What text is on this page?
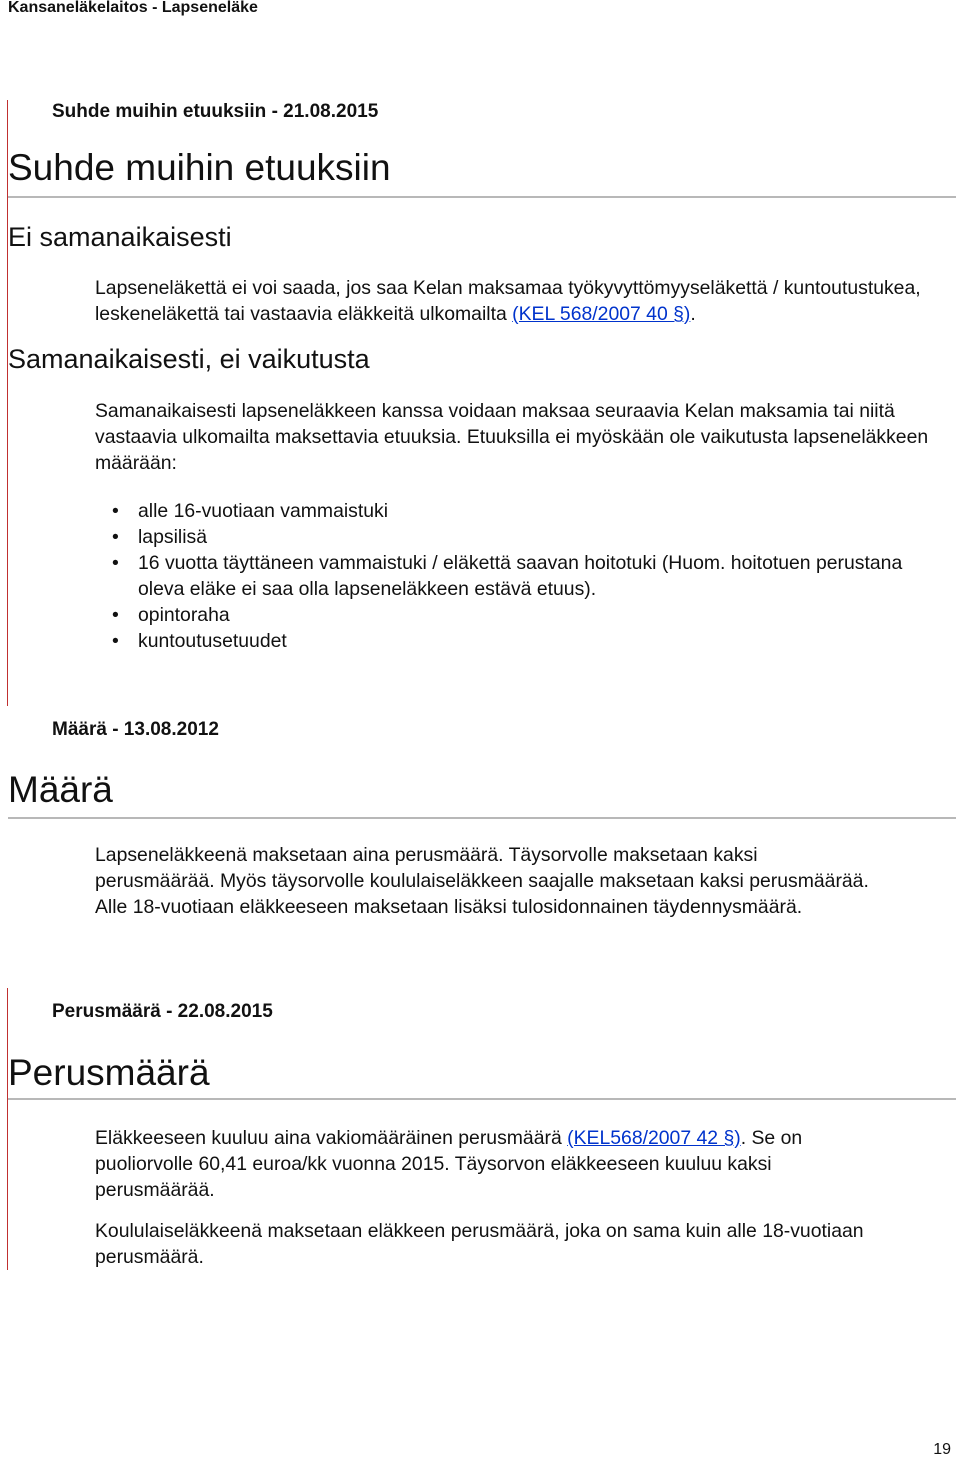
Kansaneläkelaitos - Lapseneläke
Suhde muihin etuuksiin - 21.08.2015
Suhde muihin etuuksiin
Ei samanaikaisesti

Lapseneläkettä ei voi saada, jos saa Kelan maksamaa työkyvyttömyyseläkettä / kuntoutustukea, leskeneläkettä tai vastaavia eläkkeitä ulkomailta (KEL 568/2007 40 §).

Samanaikaisesti, ei vaikutusta

Samanaikaisesti lapseneläkkeen kanssa voidaan maksaa seuraavia Kelan maksamia tai niitä vastaavia ulkomailta maksettavia etuuksia. Etuuksilla ei myöskään ole vaikutusta lapseneläkkeen määrään:

• alle 16-vuotiaan vammaistuki
• lapsilisä
• 16 vuotta täyttäneen vammaistuki / eläkettä saavan hoitotuki (Huom. hoitotuen perustana oleva eläke ei saa olla lapseneläkkeen estävä etuus).
• opintoraha
• kuntoutusetuudet
Määrä - 13.08.2012
Määrä

Lapseneläkkeenä maksetaan aina perusmäärä. Täysorvolle maksetaan kaksi perusmäärää. Myös täysorvolle koululaiseläkkeen saajalle maksetaan kaksi perusmäärää. Alle 18-vuotiaan eläkkeeseen maksetaan lisäksi tulosidonnainen täydennysmäärä.

Perusmäärä - 22.08.2015
Perusmäärä

Eläkkeeseen kuuluu aina vakiomääräinen perusmäärä (KEL568/2007 42 §). Se on puoliorvolle 60,41 euroa/kk vuonna 2015. Täysorvon eläkkeeseen kuuluu kaksi perusmäärää.

Koululaiseläkkeenä maksetaan eläkkeen perusmäärä, joka on sama kuin alle 18-vuotiaan perusmäärä.

19
